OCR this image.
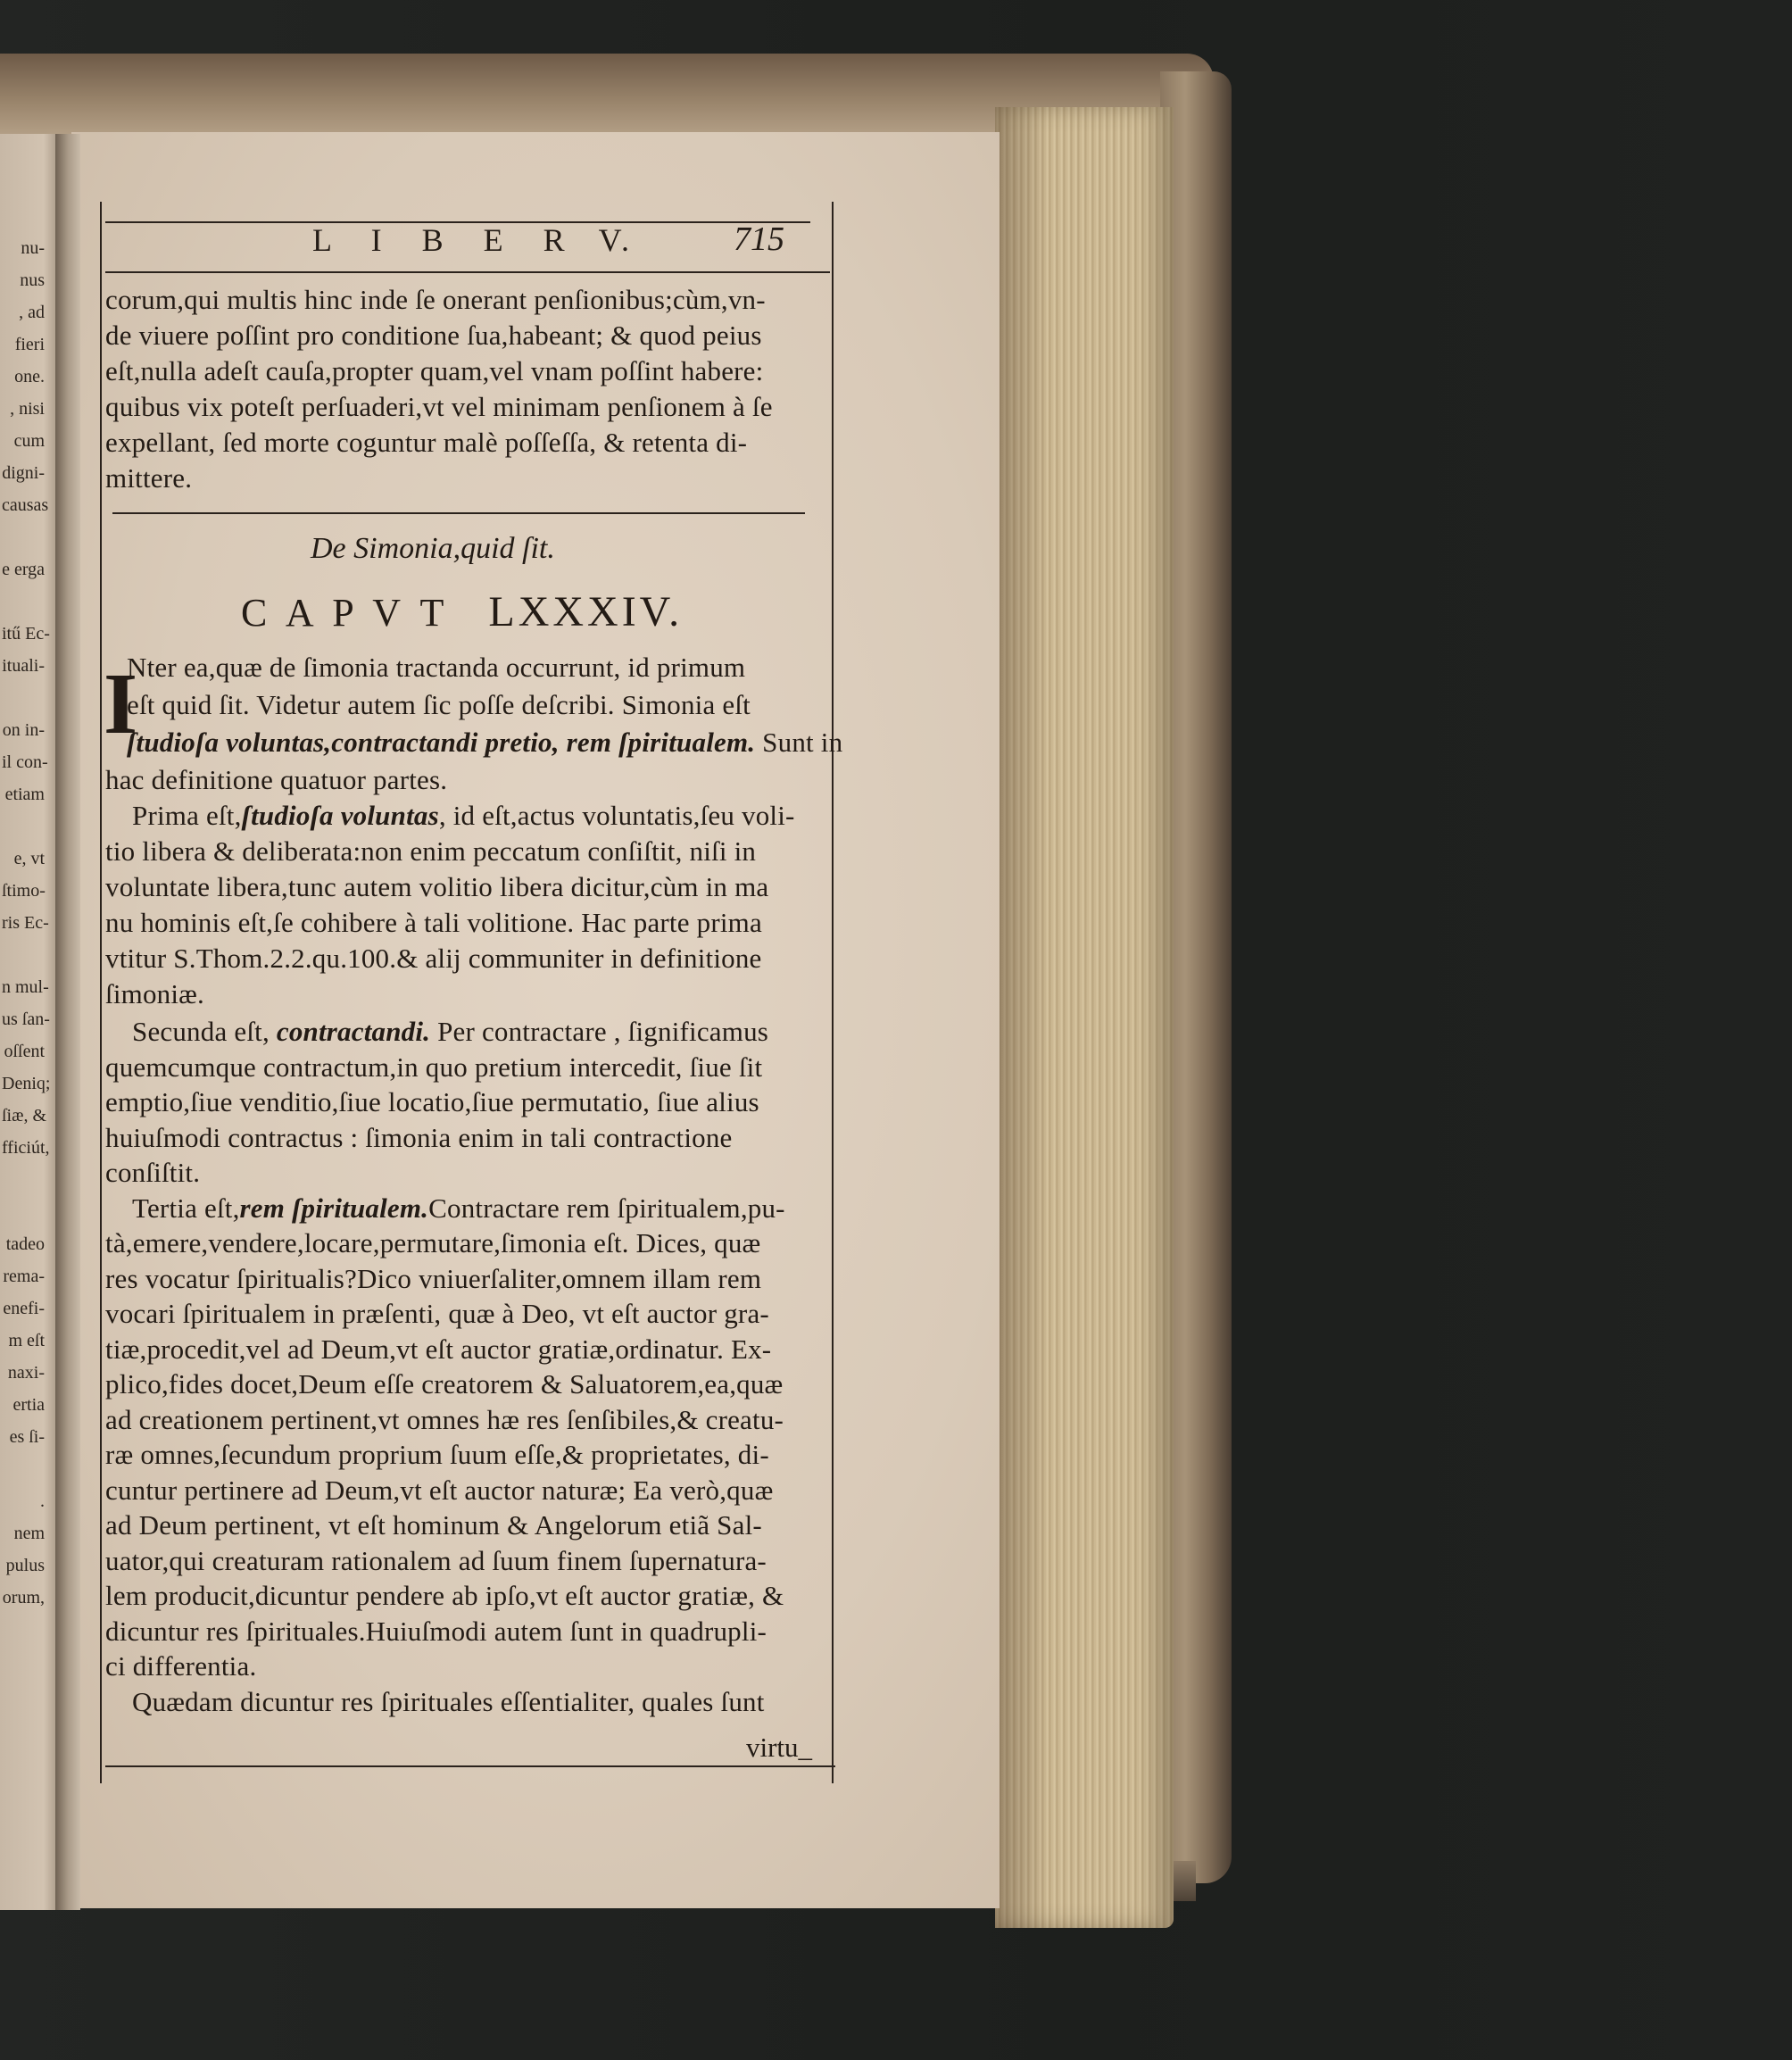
nu-
nus
, ad
fieri
one.
, nisi
cum
digni-
causas

e erga

itű Ec-
ituali-

on in-
il con-
etiam

e, vt
ſtimo-
ris Ec-

n mul-
us ſan-
oſſent
Deniq;
ſiæ, &
fficiút,

tadeo
rema-
enefi-
m eſt
naxi-
ertia
es ſi-

.
nem
pulus
orum,
L I B E R V.	715
corum,qui multis hinc inde ſe onerant penſionibus;cùm,vn-
de viuere poſſint pro conditione ſua,habeant; & quod peius
eſt,nulla adeſt cauſa,propter quam,vel vnam poſſint habere:
quibus vix poteſt perſuaderi,vt vel minimam penſionem à ſe
expellant, ſed morte coguntur malè poſſeſſa, & retenta di-
mittere.
De Simonia,quid ſit.
C A P V T LXXXIV.
I
Nter ea,quæ de ſimonia tractanda occurrunt, id primum
eſt quid ſit. Videtur autem ſic poſſe deſcribi. Simonia eſt
ſtudioſa voluntas,contractandi pretio, rem ſpiritualem. Sunt in
hac definitione quatuor partes.
Prima eſt,ſtudioſa voluntas, id eſt,actus voluntatis,ſeu voli-
tio libera & deliberata:non enim peccatum conſiſtit, niſi in
voluntate libera,tunc autem volitio libera dicitur,cùm in ma
nu hominis eſt,ſe cohibere à tali volitione. Hac parte prima
vtitur S.Thom.2.2.qu.100.& alij communiter in definitione
ſimoniæ.
Secunda eſt, contractandi. Per contractare , ſignificamus
quemcumque contractum,in quo pretium intercedit, ſiue ſit
emptio,ſiue venditio,ſiue locatio,ſiue permutatio, ſiue alius
huiuſmodi contractus : ſimonia enim in tali contractione
conſiſtit.
Tertia eſt,rem ſpiritualem.Contractare rem ſpiritualem,pu-
tà,emere,vendere,locare,permutare,ſimonia eſt. Dices, quæ
res vocatur ſpiritualis?Dico vniuerſaliter,omnem illam rem
vocari ſpiritualem in præſenti, quæ à Deo, vt eſt auctor gra-
tiæ,procedit,vel ad Deum,vt eſt auctor gratiæ,ordinatur. Ex-
plico,fides docet,Deum eſſe creatorem & Saluatorem,ea,quæ
ad creationem pertinent,vt omnes hæ res ſenſibiles,& creatu-
ræ omnes,ſecundum proprium ſuum eſſe,& proprietates, di-
cuntur pertinere ad Deum,vt eſt auctor naturæ; Ea verò,quæ
ad Deum pertinent, vt eſt hominum & Angelorum etiã Sal-
uator,qui creaturam rationalem ad ſuum finem ſupernatura-
lem producit,dicuntur pendere ab ipſo,vt eſt auctor gratiæ, &
dicuntur res ſpirituales.Huiuſmodi autem ſunt in quadrupli-
ci differentia.
Quædam dicuntur res ſpirituales eſſentialiter, quales ſunt
virtu_
